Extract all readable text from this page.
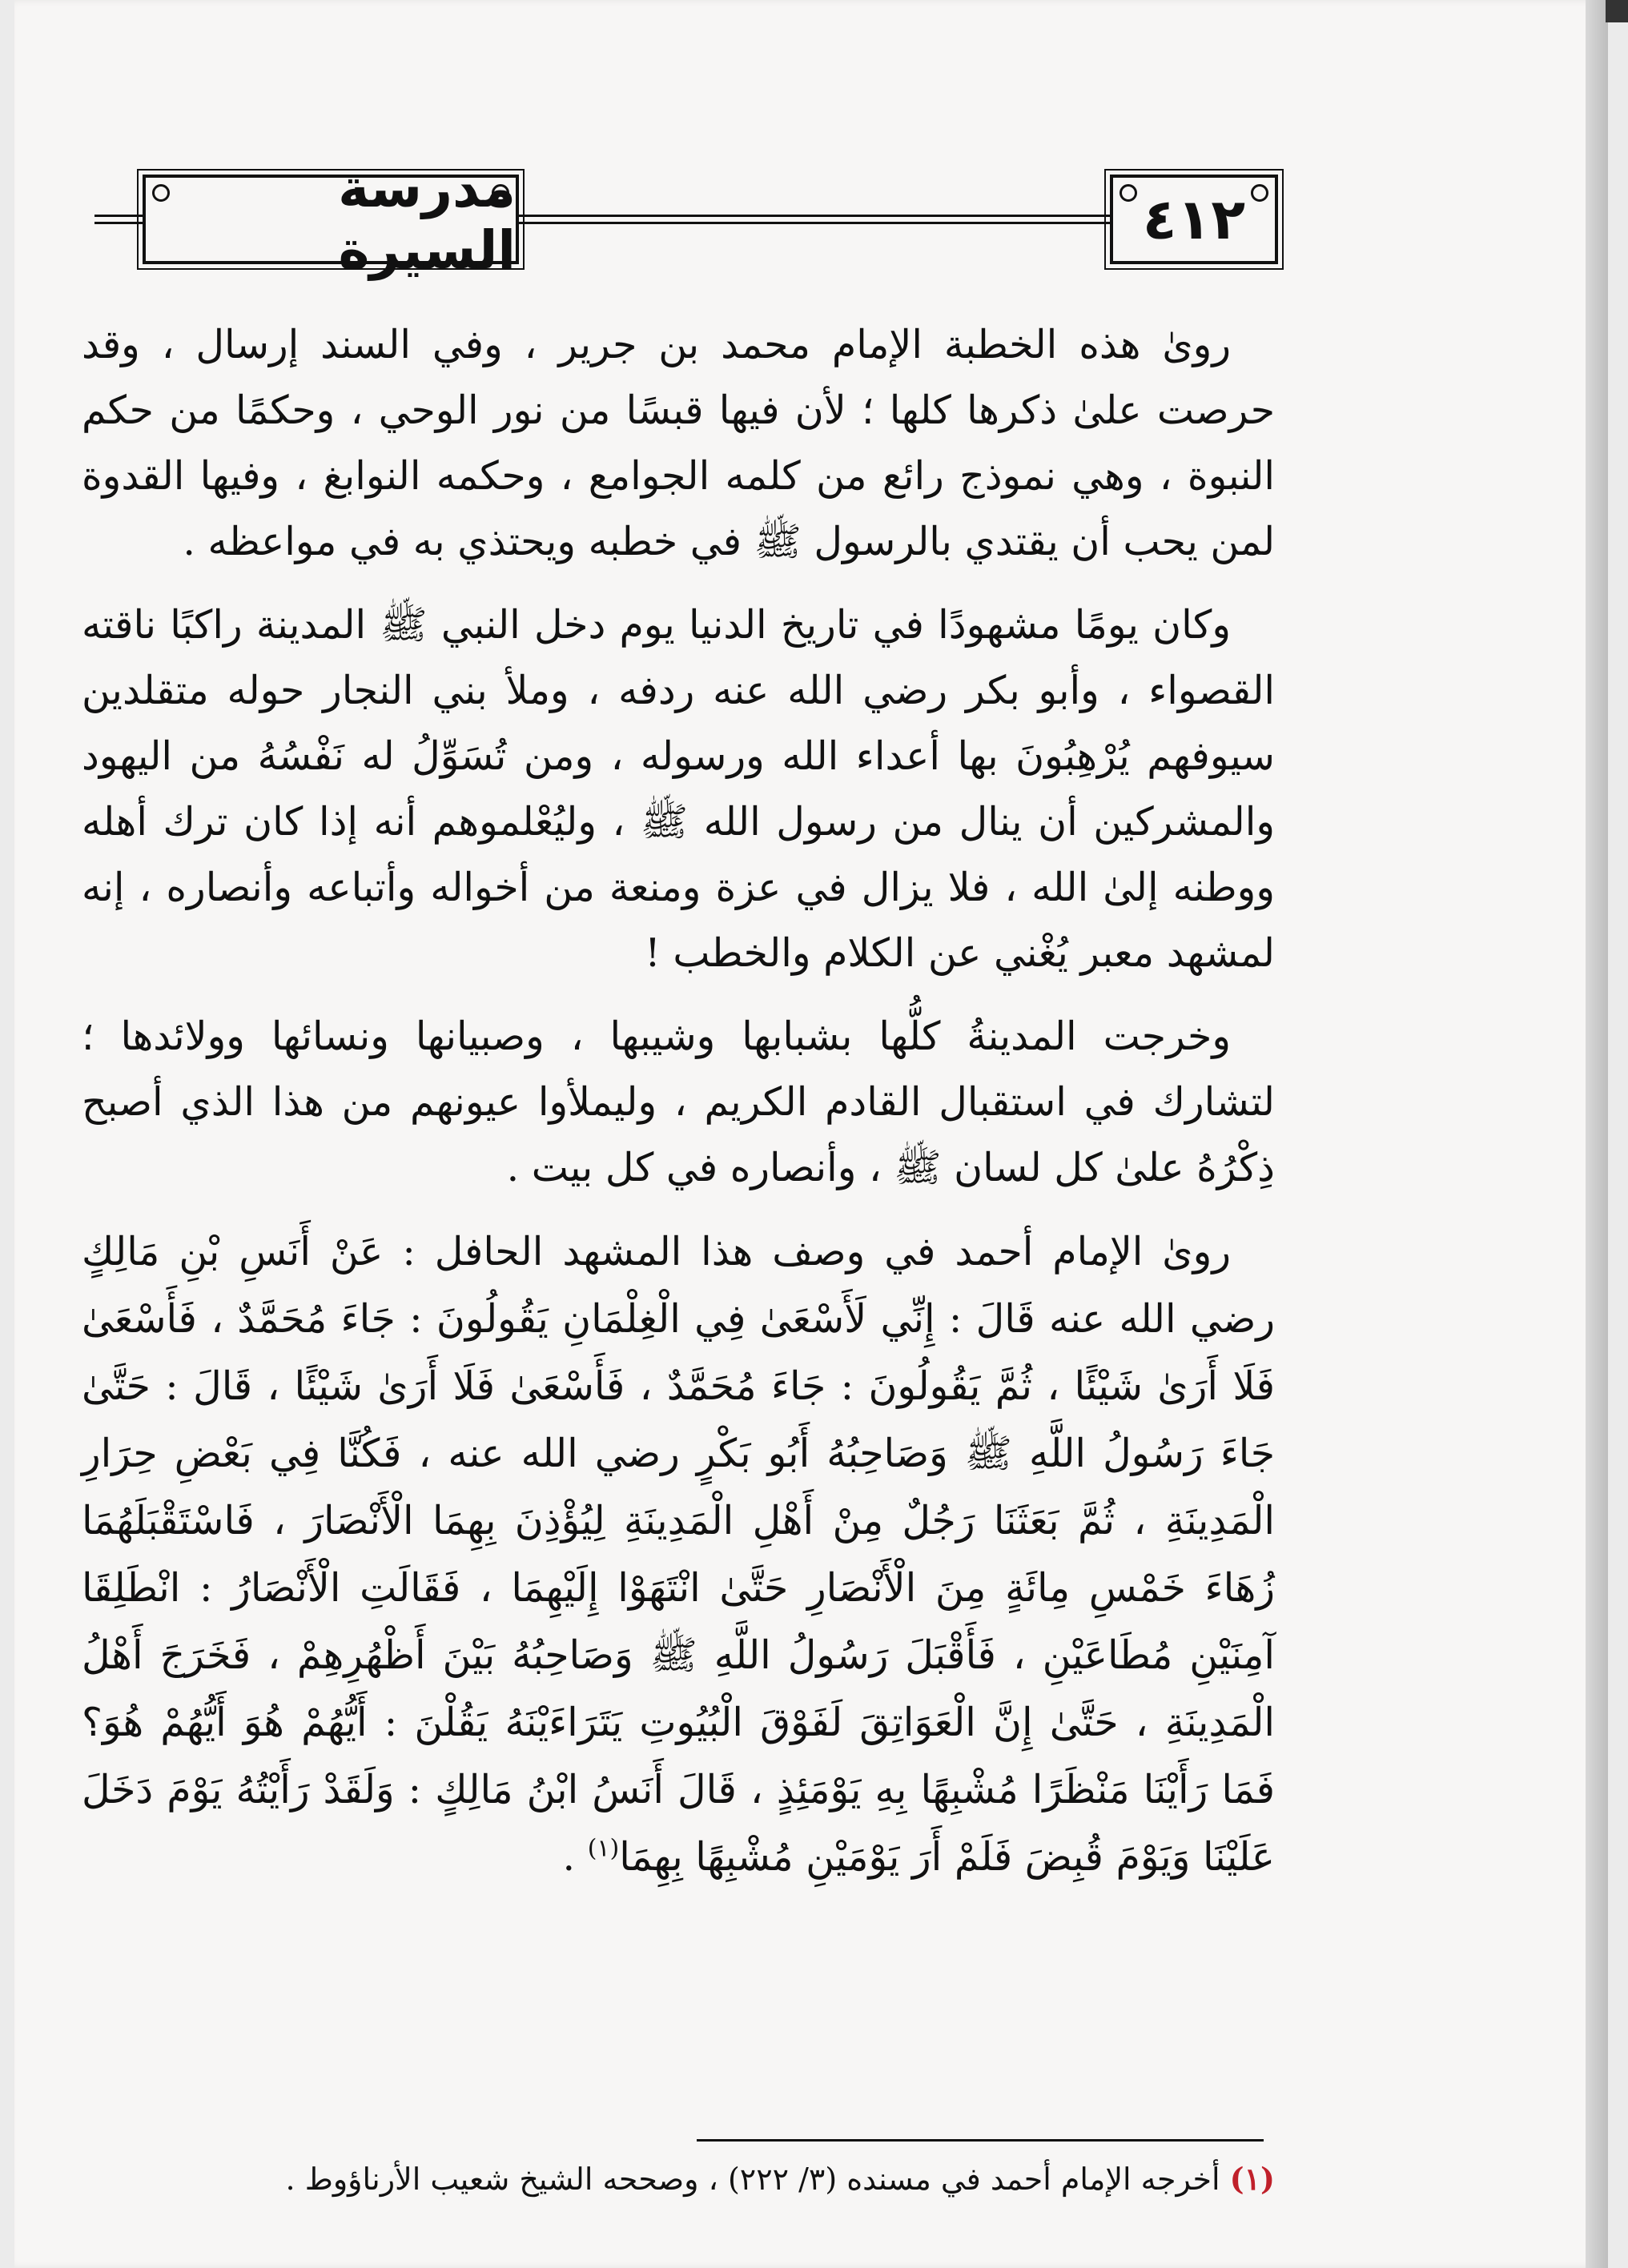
مدرسة السيرة	٤١٢

روىٰ هذه الخطبة الإمام محمد بن جرير ، وفي السند إرسال ، وقد حرصت علىٰ ذكرها كلها ؛ لأن فيها قبسًا من نور الوحي ، وحكمًا من حكم النبوة ، وهي نموذج رائع من كلمه الجوامع ، وحكمه النوابغ ، وفيها القدوة لمن يحب أن يقتدي بالرسول ﷺ في خطبه ويحتذي به في مواعظه .

وكان يومًا مشهودًا في تاريخ الدنيا يوم دخل النبي ﷺ المدينة راكبًا ناقته القصواء ، وأبو بكر رضي الله عنه ردفه ، وملأ بني النجار حوله متقلدين سيوفهم يُرْهِبُونَ بها أعداء الله ورسوله ، ومن تُسَوِّلُ له نَفْسُهُ من اليهود والمشركين أن ينال من رسول الله ﷺ ، وليُعْلموهم أنه إذا كان ترك أهله ووطنه إلىٰ الله ، فلا يزال في عزة ومنعة من أخواله وأتباعه وأنصاره ، إنه لمشهد معبر يُغْني عن الكلام والخطب !

وخرجت المدينةُ كلُّها بشبابها وشيبها ، وصبيانها ونسائها وولائدها ؛ لتشارك في استقبال القادم الكريم ، وليملأوا عيونهم من هذا الذي أصبح ذِكْرُهُ علىٰ كل لسان ﷺ ، وأنصاره في كل بيت .

روىٰ الإمام أحمد في وصف هذا المشهد الحافل : عَنْ أَنَسِ بْنِ مَالِكٍ رضي الله عنه قَالَ : إِنِّي لَأَسْعَىٰ فِي الْغِلْمَانِ يَقُولُونَ : جَاءَ مُحَمَّدٌ ، فَأَسْعَىٰ فَلَا أَرَىٰ شَيْئًا ، ثُمَّ يَقُولُونَ : جَاءَ مُحَمَّدٌ ، فَأَسْعَىٰ فَلَا أَرَىٰ شَيْئًا ، قَالَ : حَتَّىٰ جَاءَ رَسُولُ اللَّهِ ﷺ وَصَاحِبُهُ أَبُو بَكْرٍ رضي الله عنه ، فَكُنَّا فِي بَعْضِ حِرَارِ الْمَدِينَةِ ، ثُمَّ بَعَثَنَا رَجُلٌ مِنْ أَهْلِ الْمَدِينَةِ لِيُؤْذِنَ بِهِمَا الْأَنْصَارَ ، فَاسْتَقْبَلَهُمَا زُهَاءَ خَمْسِ مِائَةٍ مِنَ الْأَنْصَارِ حَتَّىٰ انْتَهَوْا إِلَيْهِمَا ، فَقَالَتِ الْأَنْصَارُ : انْطَلِقَا آمِنَيْنِ مُطَاعَيْنِ ، فَأَقْبَلَ رَسُولُ اللَّهِ ﷺ وَصَاحِبُهُ بَيْنَ أَظْهُرِهِمْ ، فَخَرَجَ أَهْلُ الْمَدِينَةِ ، حَتَّىٰ إِنَّ الْعَوَاتِقَ لَفَوْقَ الْبُيُوتِ يَتَرَاءَيْنَهُ يَقُلْنَ : أَيُّهُمْ هُوَ أَيُّهُمْ هُوَ؟ فَمَا رَأَيْنَا مَنْظَرًا مُشْبِهًا بِهِ يَوْمَئِذٍ ، قَالَ أَنَسُ ابْنُ مَالِكٍ : وَلَقَدْ رَأَيْتُهُ يَوْمَ دَخَلَ عَلَيْنَا وَيَوْمَ قُبِضَ فَلَمْ أَرَ يَوْمَيْنِ مُشْبِهًا بِهِمَا$^{(١)}$ .

(١) أخرجه الإمام أحمد في مسنده (٣/ ٢٢٢) ، وصححه الشيخ شعيب الأرناؤوط .
